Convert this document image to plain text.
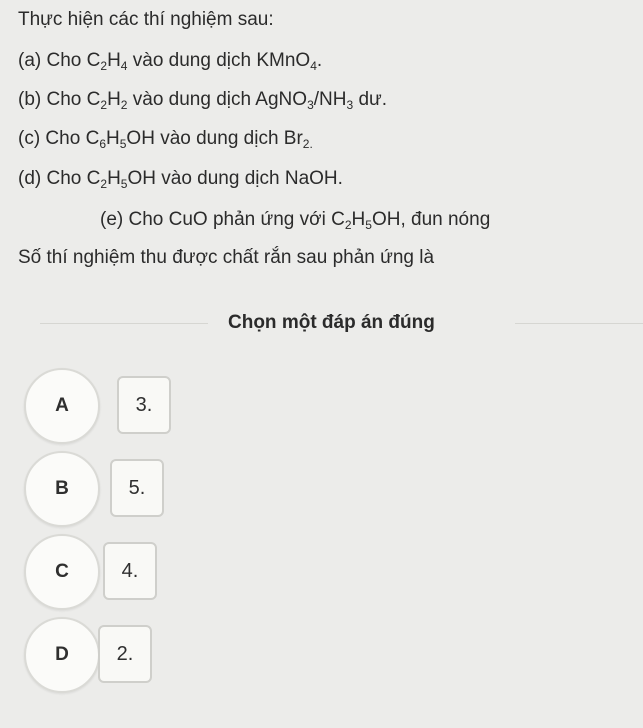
Thực hiện các thí nghiệm sau:
(a) Cho $C_2H_4$ vào dung dịch KMnO$_4$.
(b) Cho $C_2H_2$ vào dung dịch $AgNO_3/NH_3$ dư.
(c) Cho $C_6H_5OH$ vào dung dịch $Br_{2.}$
(d) Cho $C_2H_5OH$ vào dung dịch NaOH.
(e) Cho CuO phản ứng với $C_2H_5OH$, đun nóng
Số thí nghiệm thu được chất rắn sau phản ứng là
Chọn một đáp án đúng
A	3.
B	5.
C	4.
D	2.
